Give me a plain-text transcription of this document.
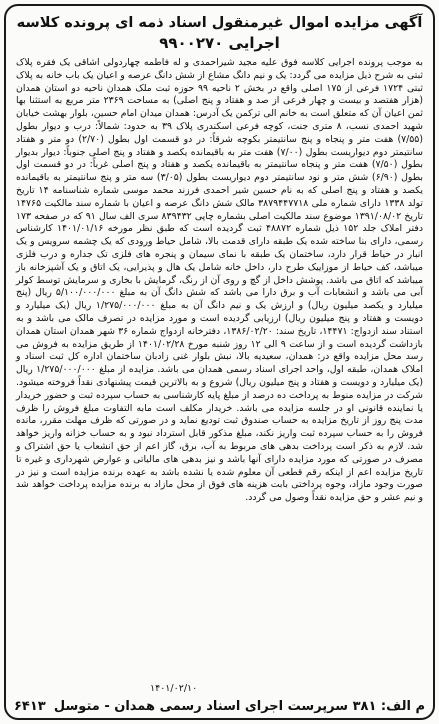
آگهی مزایده اموال غیرمنقول اسناد ذمه ای پرونده کلاسه
اجرایی ۹۹۰۰۲۷۰

به موجب پرونده اجرایی کلاسه فوق علیه مجید شیراحمدی و له فاطمه چهاردولی اشاقی یک فقره پلاک ثبتی به شرح ذیل مزایده می گردد: یک و نیم دانگ مشاع از شش دانگ عرصه و اعیان یک باب خانه به پلاک ثبتی ۱۷۲۴ فرعی از ۱۷۵ اصلی واقع در بخش ۲ ناحیه ۹۹ حوزه ثبت ملک همدان ناحیه دو استان همدان (هزار هفتصد و بیست و چهار فرعی از صد و هفتاد و پنج اصلی) به مساحت ۲۳۶۹ متر مربع به استثنا بها ثمن اعیان آن که متعلق است به خانم الی ترکمن یک آدرس: همدان میدان امام حسین، بلوار بهشت خیابان شهید احمدی نسب، ۸ متری جنت، کوچه فرعی اسکندری پلاک ۳۹ به حدود: شمالاً: درب و دیوار بطول (۷/۵۵) هفت متر و پنجاه و پنج سانتیمتر بکوچه شرقاً: در دو قسمت اول بطول (۲/۷۰) دو متر و هفتاد سانتیمتر دوم دیواریست بطول (۷/۰۰) هفت متر به باقیمانده یکصد و هفتاد و پنج اصلی جنوباً: دیوار بدیوار بطول (۷/۵۰) هفت متر و پنجاه سانتیمتر به باقیمانده یکصد و هفتاد و پنج اصلی غرباً: در دو قسمت اول بطول (۶/۹۰) شش متر و نود سانتیمتر دوم دیواریست بطول (۳/۰۵) سه متر و پنج سانتیمتر به باقیمانده یکصد و هفتاد و پنج اصلی که به نام حسین شیر احمدی فرزند محمد موسی شماره شناسنامه ۱۴ تاریخ تولد ۱۳۳۸ دارای شماره ملی ۳۸۷۹۴۴۷۷۱۸ مالک شش دانگ عرصه و اعیان با شماره سند مالکیت ۱۴۷۶۵ تاریخ ۱۳۹۱/۰۸/۰۲ موضوع سند مالکیت اصلی بشماره چاپی ۸۳۹۴۳۲ سری الف سال ۹۱ که در صفحه ۱۷۳ دفتر املاک جلد ۱۵۲ ذیل شماره ۴۸۸۷۲ ثبت گردیده است که طبق نظر مورخه ۱۴۰۱/۰۱/۱۶ کارشناس رسمی، دارای بنا ساخته شده یک طبقه دارای قدمت بالا، شامل حیاط ورودی که یک چشمه سرویس و یک انبار در حیاط قرار دارد، ساختمان یک طبقه با نمای سیمان و پنجره های فلزی تک جداره و درب فلزی میباشد، کف حیاط از موزاییک طرح دار، داخل خانه شامل یک هال و پذیرایی، یک اتاق و یک آشپزخانه باز میباشد که اتاق می باشد. پوشش داخل از گچ و روی آن از رنگ، گرمایش با بخاری و سرمایش توسط کولر آبی می باشد و انشعابات آب و برق دارا می باشد که شش دانگ آن به مبلغ ۵/۱۰۰/۰۰۰/۰۰۰ ریال (پنج میلیارد و یکصد میلیون ریال) و ارزش یک و نیم دانگ آن به مبلغ ۱/۲۷۵/۰۰۰/۰۰۰ ریال (یک میلیارد و دویست و هفتاد و پنج میلیون ریال) ارزیابی گردیده است و مورد مزایده در تصرف مالک می باشد و به استناد سند ازدواج: ۱۴۴۷۱، تاریخ سند: ۱۳۸۶/۰۲/۲۰، دفترخانه ازدواج شماره ۳۶ شهر همدان استان همدان بازداشت گردیده است و از ساعت ۹ الی ۱۲ روز شنبه مورخ ۱۴۰۱/۰۲/۲۸ از طریق مزایده به فروش می رسد محل مزایده واقع در: همدان، سعیدیه بالا، نبش بلوار غنی زادبان ساختمان اداره کل ثبت اسناد و املاک همدان، طبقه اول، واحد اجرای اسناد رسمی همدان می باشد. مزایده از مبلغ ۱/۲۷۵/۰۰۰/۰۰۰ ریال (یک میلیارد و دویست و هفتاد و پنج میلیون ریال) شروع و به بالاترین قیمت پیشنهادی نقداً فروخته میشود. شرکت در مزایده منوط به پرداخت ده درصد از مبلغ پایه کارشناسی به حساب سپرده ثبت و حضور خریدار یا نماینده قانونی او در جلسه مزایده می باشد. خریدار مکلف است مابه التفاوت مبلغ فروش را ظرف مدت پنج روز از تاریخ مزایده به حساب صندوق ثبت تودیع نماید و در صورتی که ظرف مهلت مقرر، مانده فروش را به حساب سپرده ثبت واریز نکند، مبلغ مذکور قابل استرداد نبود و به حساب خزانه واریز خواهد شد. لازم به ذکر است پرداخت بدهی های مربوط به آب، برق، گاز اعم از حق انشعاب یا حق اشتراک و مصرف در صورتی که مورد مزایده دارای آنها باشد و نیز بدهی های مالیاتی و عوارض شهرداری و غیره تا تاریخ مزایده اعم از اینکه رقم قطعی آن معلوم شده یا نشده باشد به عهده برنده مزایده است و نیز در صورت وجود مازاد، وجوه پرداختی بابت هزینه های فوق از محل مازاد به برنده مزایده پرداخت خواهد شد و نیم عشر و حق مزایده نقداً وصول می گردد.

۱۴۰۱/۰۲/۱۰
م الف: ۳۸۱ سرپرست اجرای اسناد رسمی همدان - متوسل
۶۴۱۳
